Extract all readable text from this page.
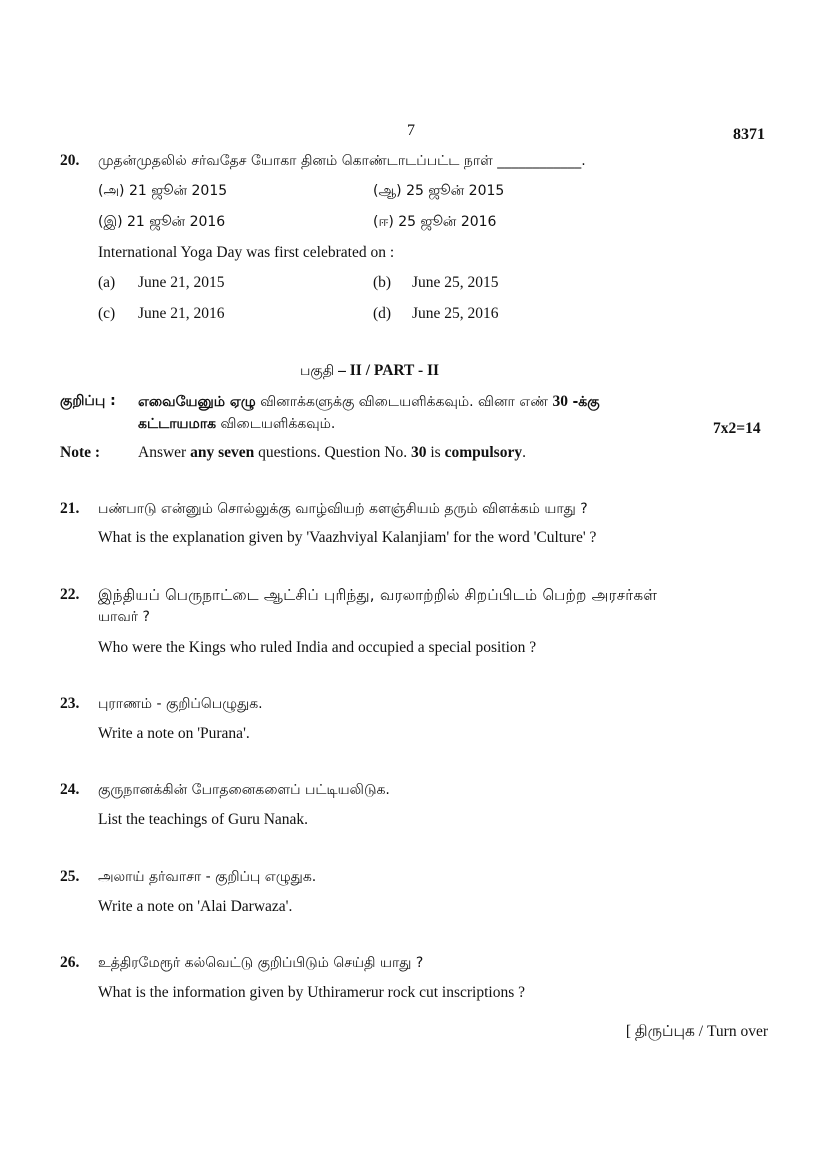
7	8371
20. முதன்முதலில் சர்வதேச யோகா தினம் கொண்டாடப்பட்ட நாள் ____________.
(அ) 21 ஜூன் 2015	(ஆ) 25 ஜூன் 2015
(இ) 21 ஜூன் 2016	(ஈ) 25 ஜூன் 2016
International Yoga Day was first celebrated on :
(a) June 21, 2015	(b) June 25, 2015
(c) June 21, 2016	(d) June 25, 2016
பகுதி – II / PART - II
குறிப்பு : எவையேனும் ஏழு வினாக்களுக்கு விடையளிக்கவும். வினா எண் 30 -க்கு
கட்டாயமாக விடையளிக்கவும்.	7x2=14
Note : Answer any seven questions. Question No. 30 is compulsory.
21. பண்பாடு என்னும் சொல்லுக்கு வாழ்வியற் களஞ்சியம் தரும் விளக்கம் யாது ?
What is the explanation given by 'Vaazhviyal Kalanjiam' for the word 'Culture' ?
22. இந்தியப் பெருநாட்டை ஆட்சிப் புரிந்து, வரலாற்றில் சிறப்பிடம் பெற்ற அரசர்கள்
யாவர் ?
Who were the Kings who ruled India and occupied a special position ?
23. புராணம் - குறிப்பெழுதுக.
Write a note on 'Purana'.
24. குருநானக்கின் போதனைகளைப் பட்டியலிடுக.
List the teachings of Guru Nanak.
25. அலாய் தர்வாசா - குறிப்பு எழுதுக.
Write a note on 'Alai Darwaza'.
26. உத்திரமேரூர் கல்வெட்டு குறிப்பிடும் செய்தி யாது ?
What is the information given by Uthiramerur rock cut inscriptions ?
[ திருப்புக / Turn over
